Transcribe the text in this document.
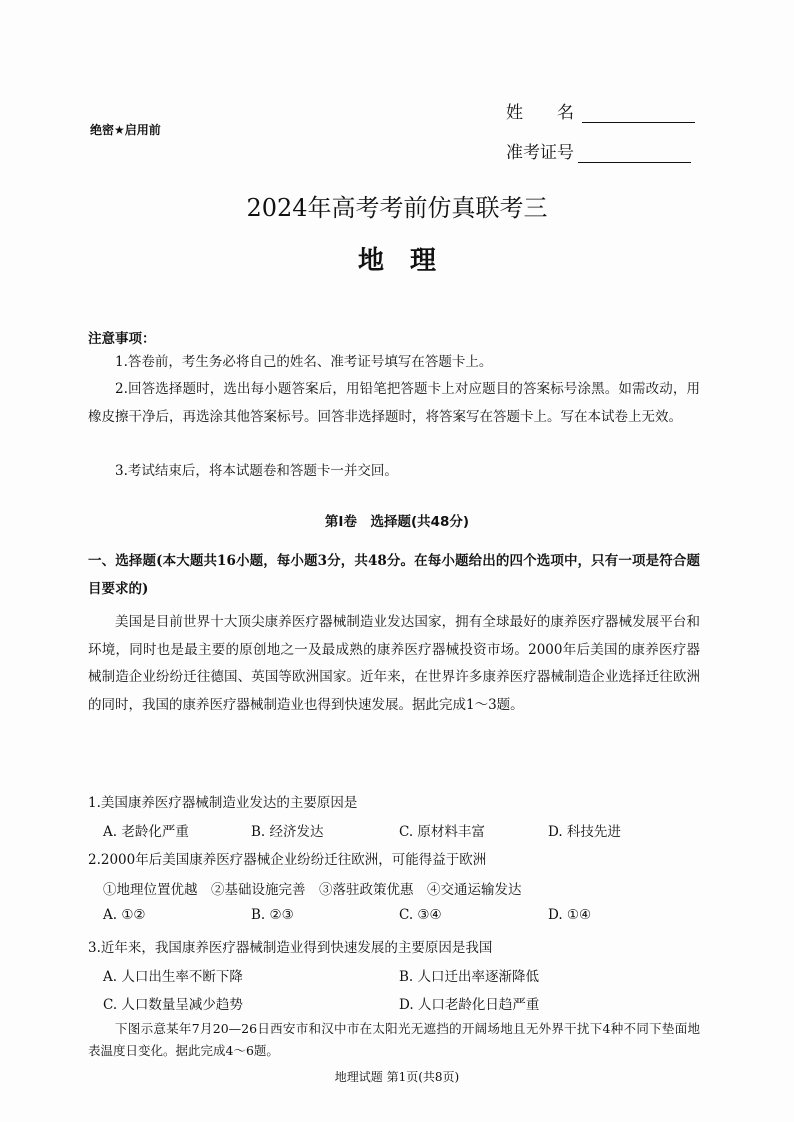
绝密★启用前
姓名
准考证号
2024年高考考前仿真联考三
地理
注意事项：
1.答卷前，考生务必将自己的姓名、准考证号填写在答题卡上。
2.回答选择题时，选出每小题答案后，用铅笔把答题卡上对应题目的答案标号涂黑。如需改动，用橡皮擦干净后，再选涂其他答案标号。回答非选择题时，将答案写在答题卡上。写在本试卷上无效。
3.考试结束后，将本试题卷和答题卡一并交回。
第Ⅰ卷　选择题(共48分)
一、选择题(本大题共16小题，每小题3分，共48分。在每小题给出的四个选项中，只有一项是符合题目要求的)
美国是目前世界十大顶尖康养医疗器械制造业发达国家，拥有全球最好的康养医疗器械发展平台和环境，同时也是最主要的原创地之一及最成熟的康养医疗器械投资市场。2000年后美国的康养医疗器械制造企业纷纷迁往德国、英国等欧洲国家。近年来，在世界许多康养医疗器械制造企业选择迁往欧洲的同时，我国的康养医疗器械制造业也得到快速发展。据此完成1～3题。
1.美国康养医疗器械制造业发达的主要原因是
A. 老龄化严重	B. 经济发达	C. 原材料丰富	D. 科技先进
2.2000年后美国康养医疗器械企业纷纷迁往欧洲，可能得益于欧洲
①地理位置优越　②基础设施完善　③落驻政策优惠　④交通运输发达
A. ①②	B. ②③	C. ③④	D. ①④
3.近年来，我国康养医疗器械制造业得到快速发展的主要原因是我国
A. 人口出生率不断下降	B. 人口迁出率逐渐降低
C. 人口数量呈减少趋势	D. 人口老龄化日趋严重
下图示意某年7月20—26日西安市和汉中市在太阳光无遮挡的开阔场地且无外界干扰下4种不同下垫面地表温度日变化。据此完成4～6题。
地理试题 第1页(共8页)
